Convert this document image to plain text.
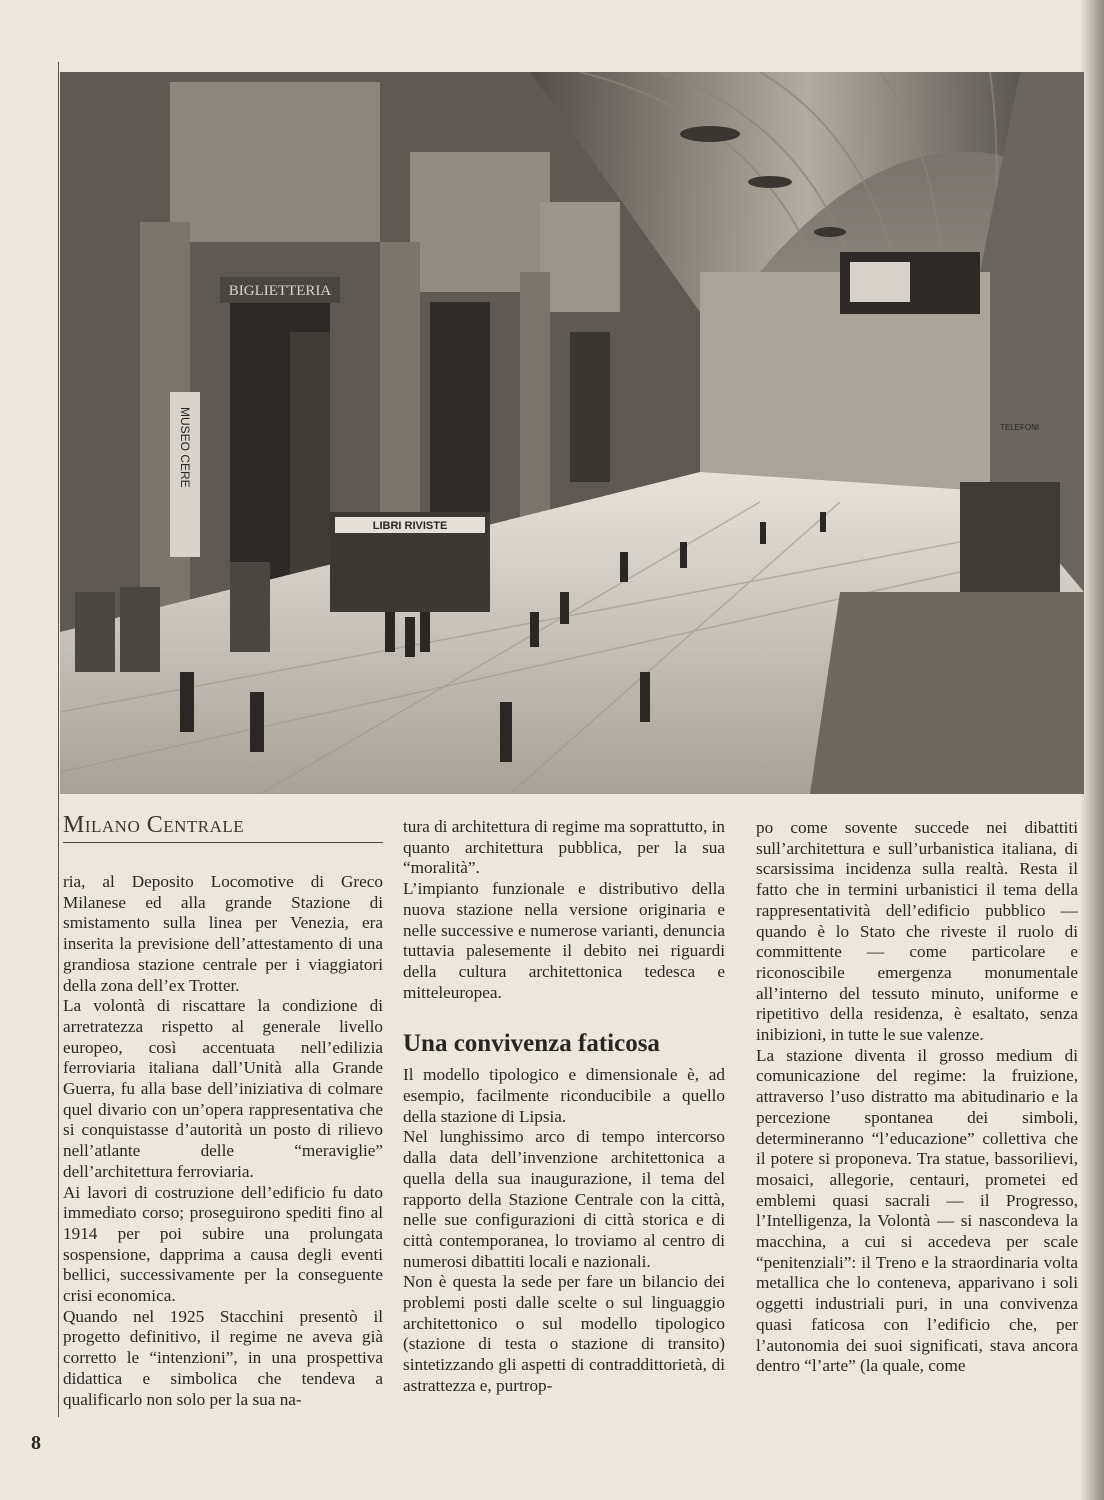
BIGLIETTERIA
MUSEO CERE
LIBRI RIVISTE
TELEFONI
Milano Centrale

ria, al Deposito Locomotive di Greco Milanese ed alla grande Stazione di smistamento sulla linea per Venezia, era inserita la previsione dell’attestamento di una grandiosa stazione centrale per i viaggiatori della zona dell’ex Trotter.

La volontà di riscattare la condizione di arretratezza rispetto al generale livello europeo, così accentuata nell’edilizia ferroviaria italiana dall’Unità alla Grande Guerra, fu alla base dell’iniziativa di colmare quel divario con un’opera rappresentativa che si conquistasse d’autorità un posto di rilievo nell’atlante delle “meraviglie” dell’architettura ferroviaria.

Ai lavori di costruzione dell’edificio fu dato immediato corso; proseguirono spediti fino al 1914 per poi subire una prolungata sospensione, dapprima a causa degli eventi bellici, successivamente per la conseguente crisi economica.

Quando nel 1925 Stacchini presentò il progetto definitivo, il regime ne aveva già corretto le “intenzioni”, in una prospettiva didattica e simbolica che tendeva a qualificarlo non solo per la sua na-

tura di architettura di regime ma soprattutto, in quanto architettura pubblica, per la sua “moralità”.

L’impianto funzionale e distributivo della nuova stazione nella versione originaria e nelle successive e numerose varianti, denuncia tuttavia palesemente il debito nei riguardi della cultura architettonica tedesca e mitteleuropea.

Una convivenza faticosa

Il modello tipologico e dimensionale è, ad esempio, facilmente riconducibile a quello della stazione di Lipsia.

Nel lunghissimo arco di tempo intercorso dalla data dell’invenzione architettonica a quella della sua inaugurazione, il tema del rapporto della Stazione Centrale con la città, nelle sue configurazioni di città storica e di città contemporanea, lo troviamo al centro di numerosi dibattiti locali e nazionali.

Non è questa la sede per fare un bilancio dei problemi posti dalle scelte o sul linguaggio architettonico o sul modello tipologico (stazione di testa o stazione di transito) sintetizzando gli aspetti di contraddittorietà, di astrattezza e, purtrop-

po come sovente succede nei dibattiti sull’architettura e sull’urbanistica italiana, di scarsissima incidenza sulla realtà. Resta il fatto che in termini urbanistici il tema della rappresentatività dell’edificio pubblico — quando è lo Stato che riveste il ruolo di committente — come particolare e riconoscibile emergenza monumentale all’interno del tessuto minuto, uniforme e ripetitivo della residenza, è esaltato, senza inibizioni, in tutte le sue valenze.

La stazione diventa il grosso medium di comunicazione del regime: la fruizione, attraverso l’uso distratto ma abitudinario e la percezione spontanea dei simboli, determineranno “l’educazione” collettiva che il potere si proponeva. Tra statue, bassorilievi, mosaici, allegorie, centauri, prometei ed emblemi quasi sacrali — il Progresso, l’Intelligenza, la Volontà — si nascondeva la macchina, a cui si accedeva per scale “penitenziali”: il Treno e la straordinaria volta metallica che lo conteneva, apparivano i soli oggetti industriali puri, in una convivenza quasi faticosa con l’edificio che, per l’autonomia dei suoi significati, stava ancora dentro “l’arte” (la quale, come

8
